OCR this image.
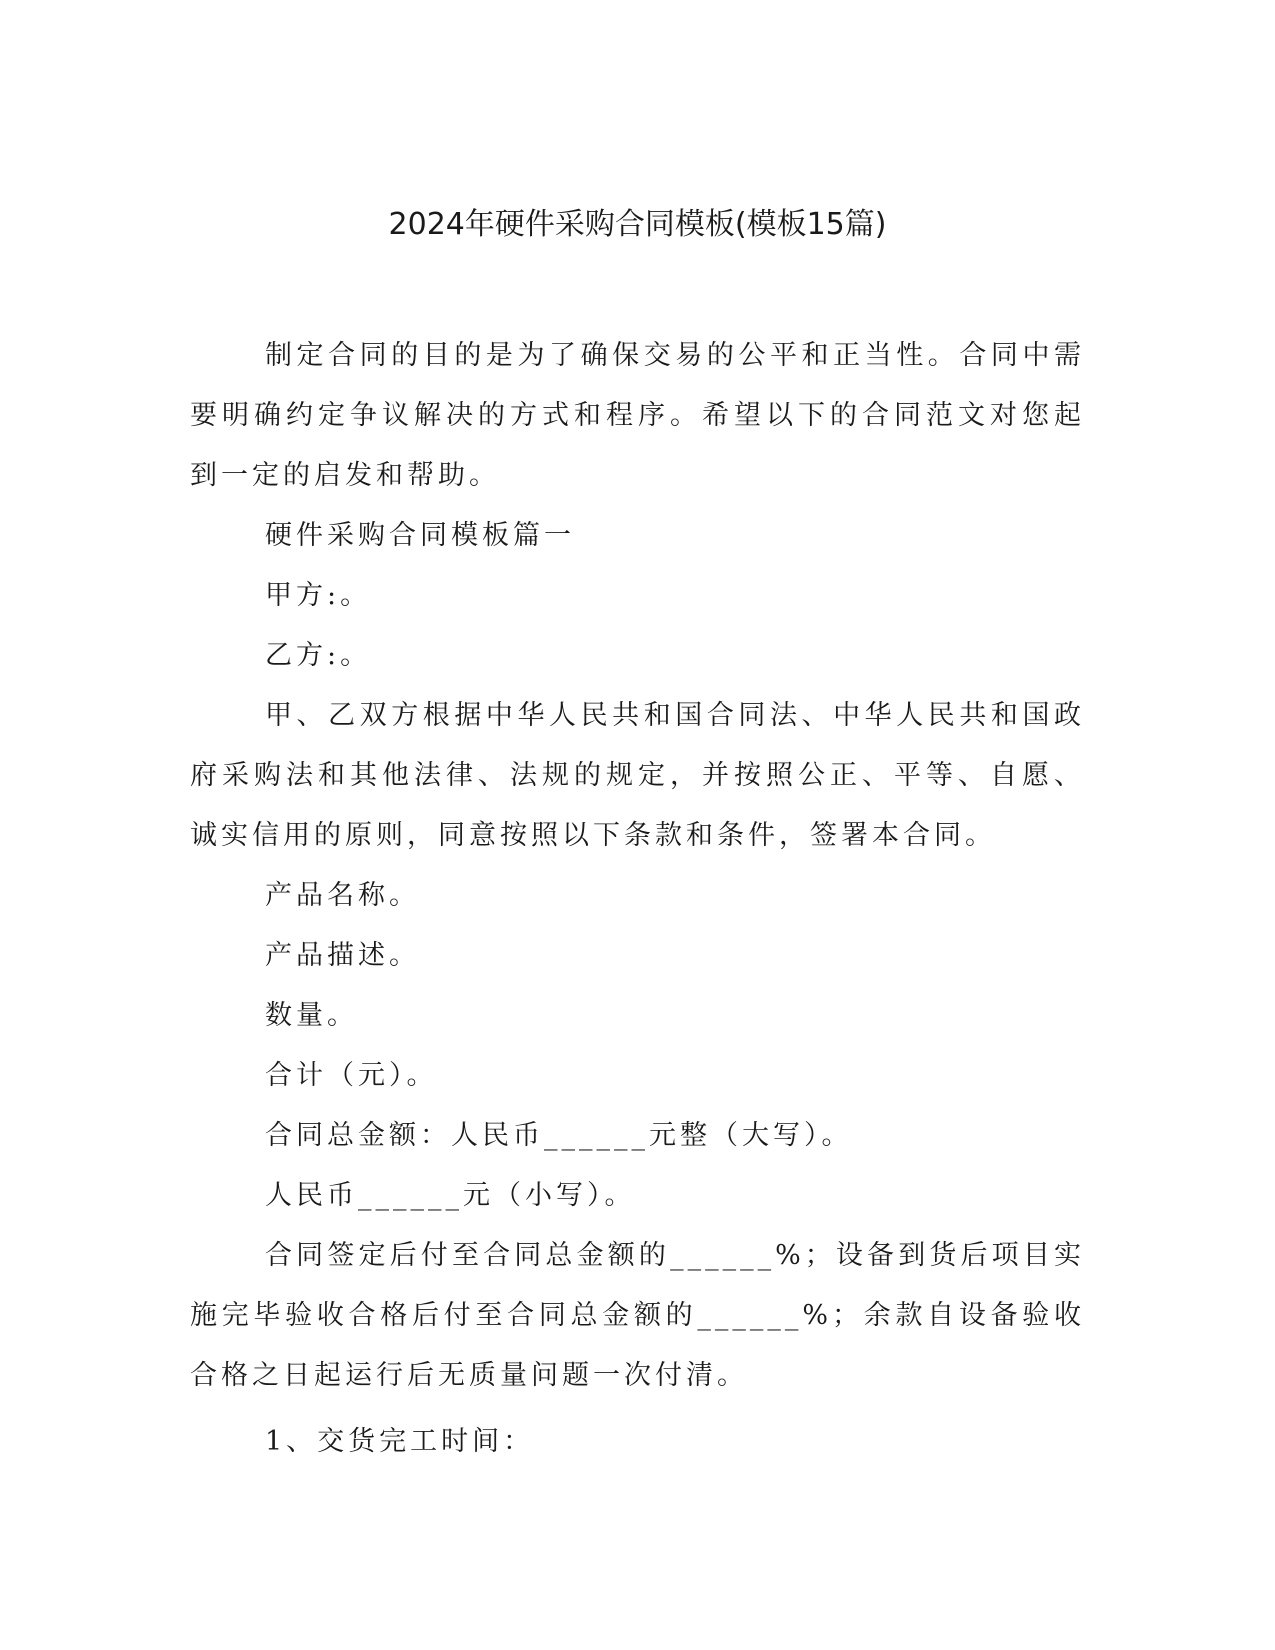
2024年硬件采购合同模板(模板15篇)

制定合同的目的是为了确保交易的公平和正当性。合同中需要明确约定争议解决的方式和程序。希望以下的合同范文对您起到一定的启发和帮助。

硬件采购合同模板篇一

甲方:。

乙方:。

甲、乙双方根据中华人民共和国合同法、中华人民共和国政府采购法和其他法律、法规的规定，并按照公正、平等、自愿、诚实信用的原则，同意按照以下条款和条件，签署本合同。

产品名称。

产品描述。

数量。

合计（元）。

合同总金额：人民币______元整（大写）。

人民币______元（小写）。

合同签定后付至合同总金额的______%；设备到货后项目实施完毕验收合格后付至合同总金额的______%；余款自设备验收合格之日起运行后无质量问题一次付清。

1、交货完工时间：
